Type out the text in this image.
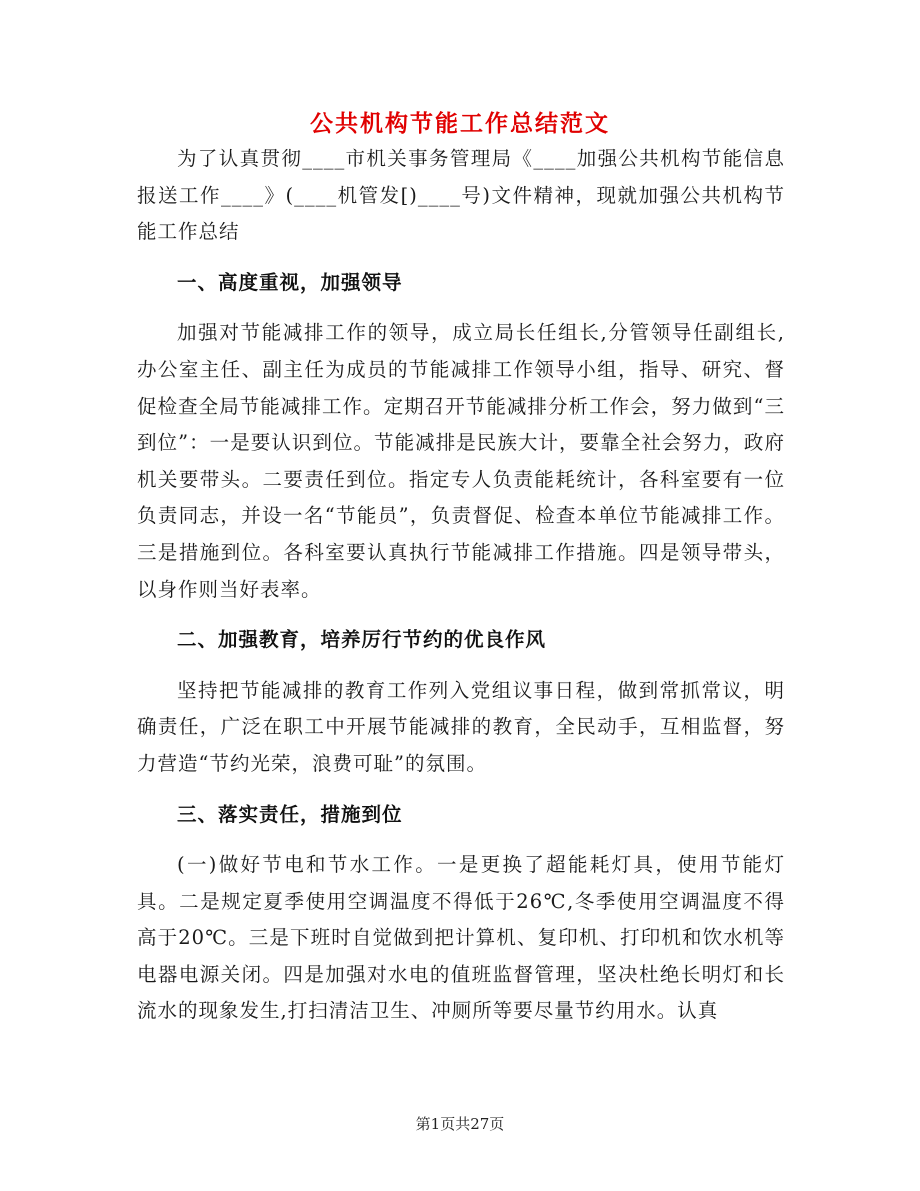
公共机构节能工作总结范文

为了认真贯彻____市机关事务管理局《____加强公共机构节能信息报送工作____》(____机管发[)____号)文件精神，现就加强公共机构节能工作总结

一、高度重视，加强领导

加强对节能减排工作的领导，成立局长任组长,分管领导任副组长,办公室主任、副主任为成员的节能减排工作领导小组，指导、研究、督促检查全局节能减排工作。定期召开节能减排分析工作会，努力做到“三到位”：一是要认识到位。节能减排是民族大计，要靠全社会努力，政府机关要带头。二要责任到位。指定专人负责能耗统计，各科室要有一位负责同志，并设一名“节能员”，负责督促、检查本单位节能减排工作。三是措施到位。各科室要认真执行节能减排工作措施。四是领导带头，以身作则当好表率。

二、加强教育，培养厉行节约的优良作风

坚持把节能减排的教育工作列入党组议事日程，做到常抓常议，明确责任，广泛在职工中开展节能减排的教育，全民动手，互相监督，努力营造“节约光荣，浪费可耻”的氛围。

三、落实责任，措施到位

(一)做好节电和节水工作。一是更换了超能耗灯具，使用节能灯具。二是规定夏季使用空调温度不得低于26℃,冬季使用空调温度不得高于20℃。三是下班时自觉做到把计算机、复印机、打印机和饮水机等电器电源关闭。四是加强对水电的值班监督管理，坚决杜绝长明灯和长流水的现象发生,打扫清洁卫生、冲厕所等要尽量节约用水。认真

第1页共27页
